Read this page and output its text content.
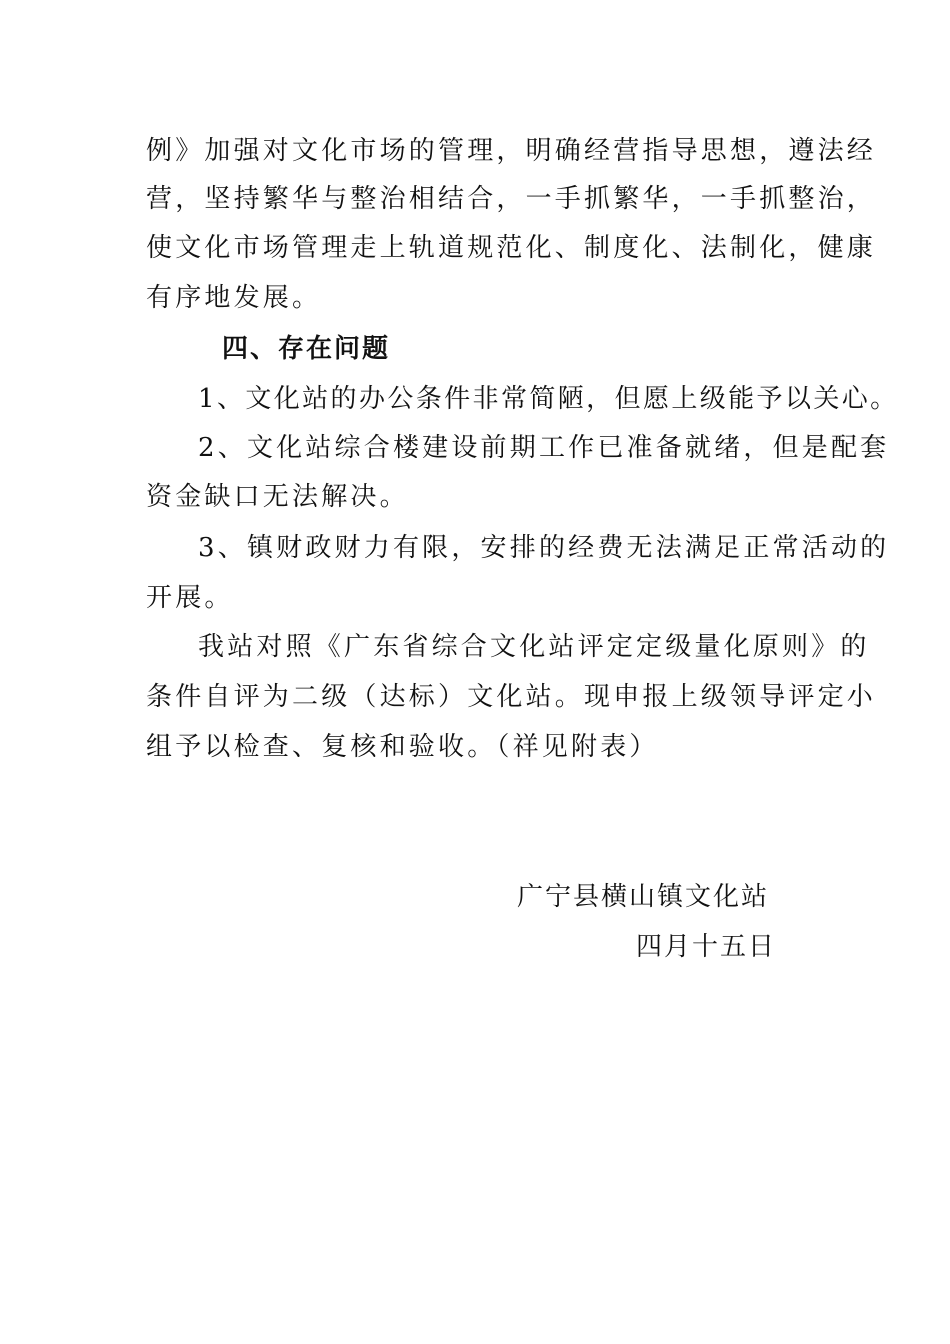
例》加强对文化市场的管理，明确经营指导思想，遵法经
营，坚持繁华与整治相结合，一手抓繁华，一手抓整治，
使文化市场管理走上轨道规范化、制度化、法制化，健康
有序地发展。
四、存在问题
1、文化站的办公条件非常简陋，但愿上级能予以关心。
2、文化站综合楼建设前期工作已准备就绪，但是配套
资金缺口无法解决。
3、镇财政财力有限，安排的经费无法满足正常活动的
开展。
我站对照《广东省综合文化站评定定级量化原则》的
条件自评为二级（达标）文化站。现申报上级领导评定小
组予以检查、复核和验收。（祥见附表）
广宁县横山镇文化站
四月十五日
